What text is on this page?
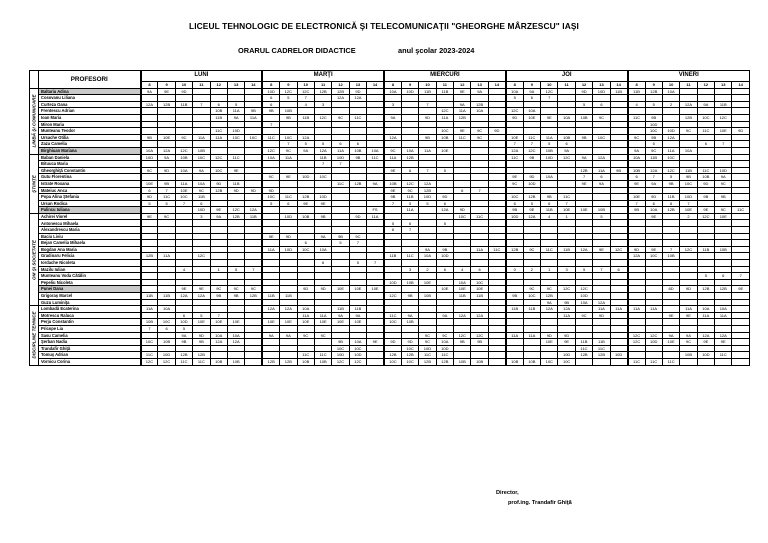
LICEUL TEHNOLOGIC DE ELECTRONICĂ ŞI TELECOMUNICAŢII "GHEORGHE MÂRZESCU" IAŞI
ORARUL CADRELOR DIDACTICE	anul şcolar 2023-2024
	PROFESORI	LUNI							MARŢI							MIERCURI							JOI							VINERI						
		8	9	10	11	12	13	14	8	9	10	11	12	13	14	8	9	10	11	12	13	14	8	9	10	11	12	13	14	8	9	10	11	12	13	14

LIMBĂ ŞI COMUNICARE	Baltariu Adina	9A	9E	9D					10D	12C	12C	12B	12B	9D		10A	10D	11B	11B	9E	9A		10A	9A	12C		9D	10D	11B	11B	12B	10A				
	Cosovanu Liliana								6	5	7		12A	12A									5	6	7											
	Curteza Oana	12A	12B	11B	7	6	5		6		4	3				3		7		9A	12B						5	6		4	5	2	12A	9A	11B	
	Frentescu Adrian					10B	11A	9B	9B	10B									12C	11A	10A		12C	10A												
	Ioan Maria					11B	9A	11A		9B	11B	12C	9C	11C		9A		9D	11A	12B			9D	10E	9E	10A	10B	9C		11C	9B		12B	10C	12C	
	Miron Maria								7																						10D					
	Munteanu Teodor					11C	10D												10C	9E	9C	9D									10C	10D	9C	11C	10E	9D
	Ursache Otilia	9B	10E	9C	11A	11A	10C	10C	11C	10C	12A					12A		9B	10B	11C	9C		10E	11C	11A	10B	9B	10C		9C	9B	12A				
	Zaza Camelia									7	5	5	6	6									7	7	5	6					5			6	7	
	Birghiuan Mariana	10A	12A	12C	10B				12C	9C	9A	12A	11A	10B	10A	9C	10A	11A	10E				12A	12C	10B	9A				9A	9C	11A	10A			

ŞTIINŢE	Baban Daniela	10D	9A	10B	10C	12C	11C		10A	11A		11B	10D	9B	11C	11A	12B						11C	9B	10D	12C	9A	12A		10A	11B	10C				
	Bituuca Maria											7	7																							
	Gheorghiţă Constantin	9C	9D	10A	9A	10C	9E									9E	6	7	5								12B	11A	9B	10B	12A	12C	11B	11C	10D	
	Gutu Florentina								9C	9E	10D	10C											9E	9D	10A		7	6		6	7	5	9B	10B	9A	
	Istrate Roxana	10E	9B	11A	10A	9D	11B						11C	12B	9A	10B	12C	12A					9C	10D			9E	9A		9E	9A	9B	10C	9D	9C	
	Mateiuc Anca	6	7	10E	9C	12B	9D	9D	9D							9E	9C	12B		6	7															
	Popa Alina Ştefania	9D	11C	10C	11B				10C	11C	12B	10D				9B	11B	10D	9D				10C	12B	9B	11C				10E	9D	11B	10D	9B	9B	
	Ursan Rodica	5	5	7	6				5	6	9E	9E				7	5	5	6				6	5	6	7				7	6	6	7			
	Palincu Iuliana				10D	9E	12C	12A							FS		11A		12A	9D			9B	9E	11B	10E	10E	10B		9B	10A	12B	10E	9E	9C	11C

OM ŞI SOCIETATE	Achirei Viorel	9E	9C		3	9A	12B	11B		10D	10B	9B		9D	11A					10C	11C		10D	12A	4	1		5			9E		2	12C	10E	
	Antonescu Mihaela															5	6		5																	
	Alexandrescu Maria															6	7																			
	Baciu Liviu								9E	9D		9A	9B	9C																						
	Bejan Camelia Mihaela										6		5	7																						
	Bogdan Ana Maria								11A	10D	10C	10A						9A	9B		11A	11C	12B	9C	11C	11B	12A	9E	12C	9D	9E	7	12C	11B	10B	
	Gradinaru Felicia	12B	11A		12C											11B	11C	10A	10D											12A	10C	10B				
	Iordache Nicoleta											6		5	7																					
	Mazilu Iulian			4		1	5	7									3	2	6	4	6		0	2	1	3	5	7	6							
	Munteanu Voda Cătălin																																	5	6	7
	Pepeliu Nicoleta															10D	10B	10E		10A	10C															
	Punei Dana			9E	9E	9C	9C	9C			9D	9D	10E	10E	10E				10E	10E	10E			9C	9C	12C	12C					8D	9D	12B	12B	9E
	Grigoraş Marcel	11B	11B	12A	12A	9B	9B	12B	11B	11B						12C	9B	10B		11B	11B		9B	10C	12B		10D									
	Guzu Luminiţa																								9A	9B	10A	12A								

DISCIPLINE TEHNICE	Lombadă Ecaterina	11A	10A						12A	12A	10A		11B	11B									11B	11B	12A	12A		11A	11A	11A	11A		11A	10A	10A	
	Motrescu Raluca			6	5	7					11A	11A	9A	9A		11C	9A		9A	12A	12A					11A	9C	9D				9E	9E	11A	11A	
	Perju Constantin	10B	10C	10D	10E	10E	10E		10E	10E	10E	10E	10E	10E		10C	10B																			
	Pricope Lia	7	6	5																																
	Sasu Camelia			9A	9D	10A	10A		9A	9A	9C	9C						9C	9C	12C	12C		11A	11A	9D	9D				12C	12C	9A	9A	12A	12A	
	Şerban Nadia	10C	10B	9B	9B	12A	12A						9B	10A	9E	9D	9D	9C	10A	9B	9B				10E	9E	11B	11B		12C	10D	10E	9C	9E	9E	
	Trandafir Ghiţă												10C	10C			10C	10D	10D								11C	11C								
	Tomuş Adrian	11C	10D	12B	12B						11C	11C	10D	10D		12B	12B	11C	11C							10D	12B	12B	10D				10B	10D	11C	
	Vornicu Corina	12C	12C	11C	11C	10B	10B		12B	12B	10B	10B	12C	12C		10C	10C	12B	12B	10B	10B		10B	10B	10C	10C				11C	11C	11C				
Director,
prof.ing. Trandafir Ghiţă
